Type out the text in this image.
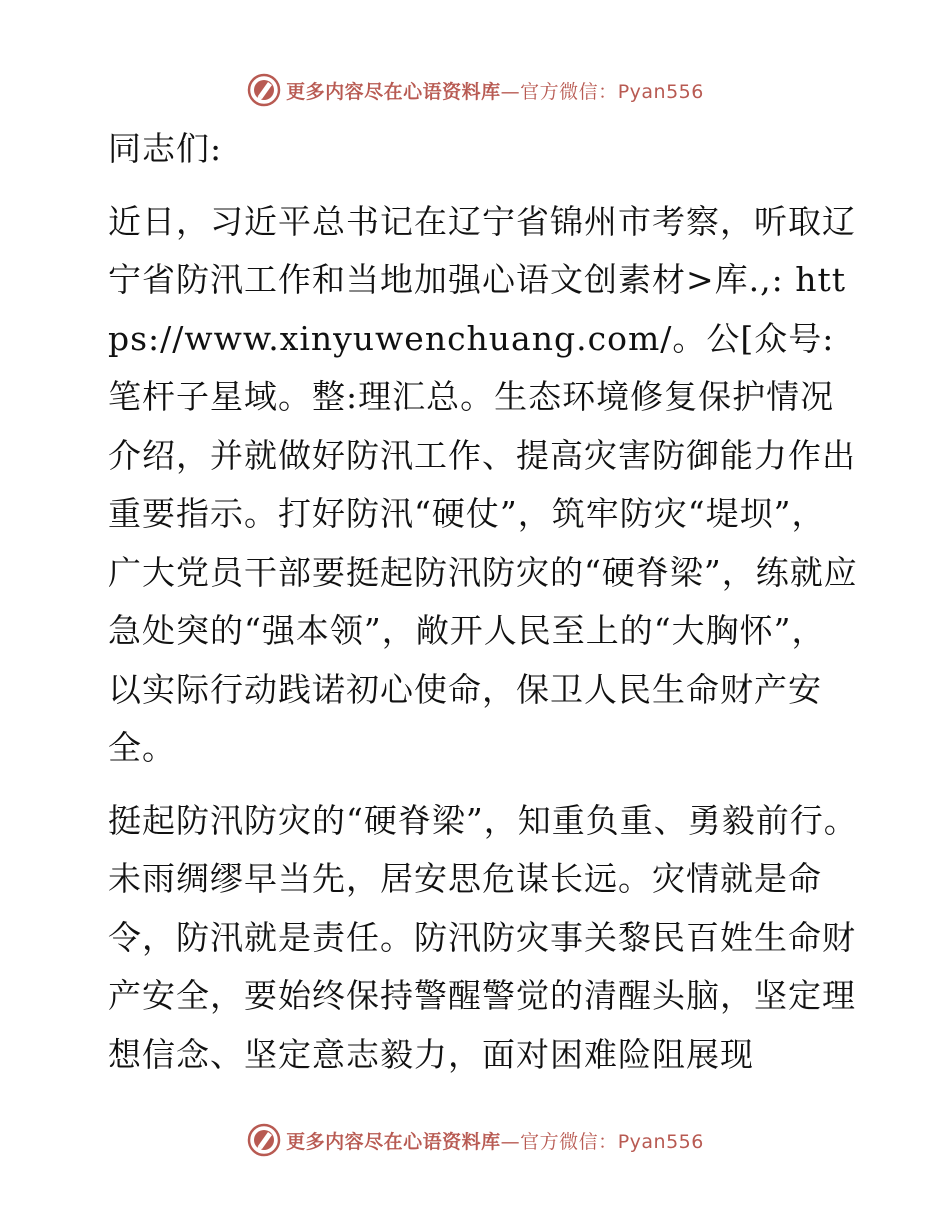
更多内容尽在心语资料库—官方微信：Pyan556

同志们:

近日，习近平总书记在辽宁省锦州市考察，听取辽宁省防汛工作和当地加强心语文创素材>库.,: https://www.xinyuwenchuang.com/。公[众号: 笔杆子星域。整:理汇总。生态环境修复保护情况介绍，并就做好防汛工作、提高灾害防御能力作出重要指示。打好防汛“硬仗”，筑牢防灾“堤坝”，广大党员干部要挺起防汛防灾的“硬脊梁”，练就应急处突的“强本领”，敞开人民至上的“大胸怀”，以实际行动践诺初心使命，保卫人民生命财产安全。

挺起防汛防灾的“硬脊梁”，知重负重、勇毅前行。未雨绸缪早当先，居安思危谋长远。灾情就是命令，防汛就是责任。防汛防灾事关黎民百姓生命财产安全，要始终保持警醒警觉的清醒头脑，坚定理想信念、坚定意志毅力，面对困难险阻展现

更多内容尽在心语资料库—官方微信：Pyan556
